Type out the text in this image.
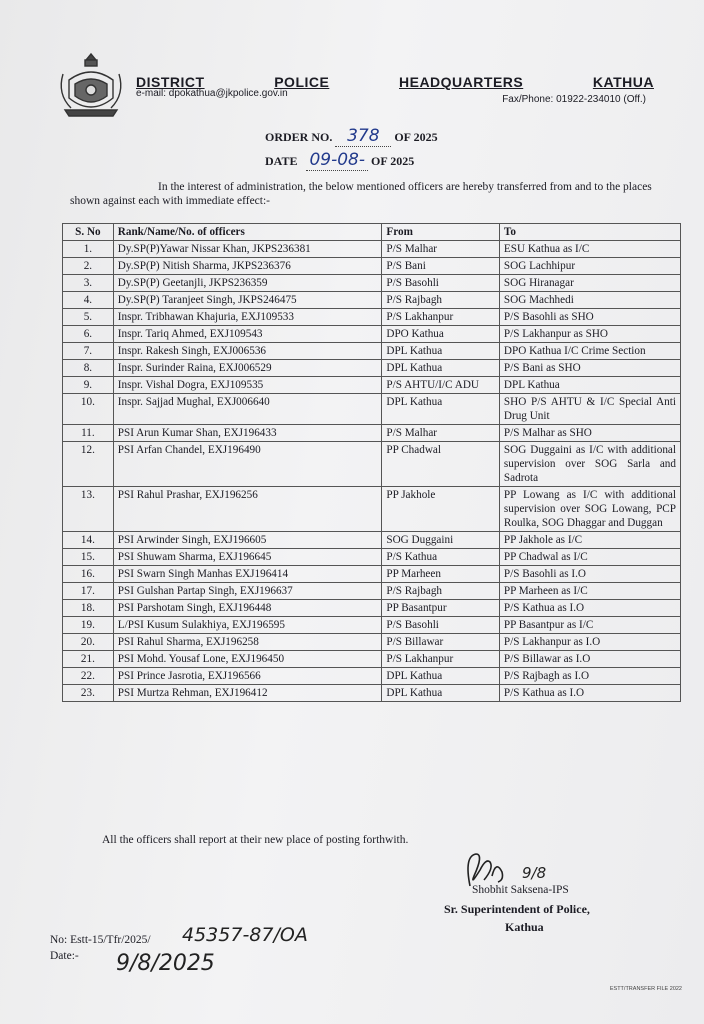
DISTRICT	POLICE	HEADQUARTERS	KATHUA
e-mail: dpokathua@jkpolice.gov.in
Fax/Phone: 01922-234010 (Off.)
ORDER NO. 378 OF 2025
DATE 09-08- OF 2025
In the interest of administration, the below mentioned officers are hereby transferred from and to the places shown against each with immediate effect:-
S. No	Rank/Name/No. of officers	From	To
1.	Dy.SP(P)Yawar Nissar Khan, JKPS236381	P/S Malhar	ESU Kathua as I/C
2.	Dy.SP(P) Nitish Sharma, JKPS236376	P/S Bani	SOG Lachhipur
3.	Dy.SP(P) Geetanjli, JKPS236359	P/S Basohli	SOG Hiranagar
4.	Dy.SP(P) Taranjeet Singh, JKPS246475	P/S Rajbagh	SOG Machhedi
5.	Inspr. Tribhawan Khajuria, EXJ109533	P/S Lakhanpur	P/S Basohli as SHO
6.	Inspr. Tariq Ahmed, EXJ109543	DPO Kathua	P/S Lakhanpur as SHO
7.	Inspr. Rakesh Singh, EXJ006536	DPL Kathua	DPO Kathua I/C Crime Section
8.	Inspr. Surinder Raina, EXJ006529	DPL Kathua	P/S Bani as SHO
9.	Inspr. Vishal Dogra, EXJ109535	P/S AHTU/I/C ADU	DPL Kathua
10.	Inspr. Sajjad Mughal, EXJ006640	DPL Kathua	SHO P/S AHTU & I/C Special Anti Drug Unit
11.	PSI Arun Kumar Shan, EXJ196433	P/S Malhar	P/S Malhar as SHO
12.	PSI Arfan Chandel, EXJ196490	PP Chadwal	SOG Duggaini as I/C with additional supervision over SOG Sarla and Sadrota
13.	PSI Rahul Prashar, EXJ196256	PP Jakhole	PP Lowang as I/C with additional supervision over SOG Lowang, PCP Roulka, SOG Dhaggar and Duggan
14.	PSI Arwinder Singh, EXJ196605	SOG Duggaini	PP Jakhole as I/C
15.	PSI Shuwam Sharma, EXJ196645	P/S Kathua	PP Chadwal as I/C
16.	PSI Swarn Singh Manhas EXJ196414	PP Marheen	P/S Basohli as I.O
17.	PSI Gulshan Partap Singh, EXJ196637	P/S Rajbagh	PP Marheen as I/C
18.	PSI Parshotam Singh, EXJ196448	PP Basantpur	P/S Kathua as I.O
19.	L/PSI Kusum Sulakhiya, EXJ196595	P/S Basohli	PP Basantpur as I/C
20.	PSI Rahul Sharma, EXJ196258	P/S Billawar	P/S Lakhanpur as I.O
21.	PSI Mohd. Yousaf Lone, EXJ196450	P/S Lakhanpur	P/S Billawar as I.O
22.	PSI Prince Jasrotia, EXJ196566	DPL Kathua	P/S Rajbagh as I.O
23.	PSI Murtza Rehman, EXJ196412	DPL Kathua	P/S Kathua as I.O
All the officers shall report at their new place of posting forthwith.
9/8
Shobhit Saksena-IPS
Sr. Superintendent of Police,
Kathua
No: Estt-15/Tfr/2025/ 45357-87/OA
Date:- 9/8/2025
ESTT/TRANSFER FILE 2022
